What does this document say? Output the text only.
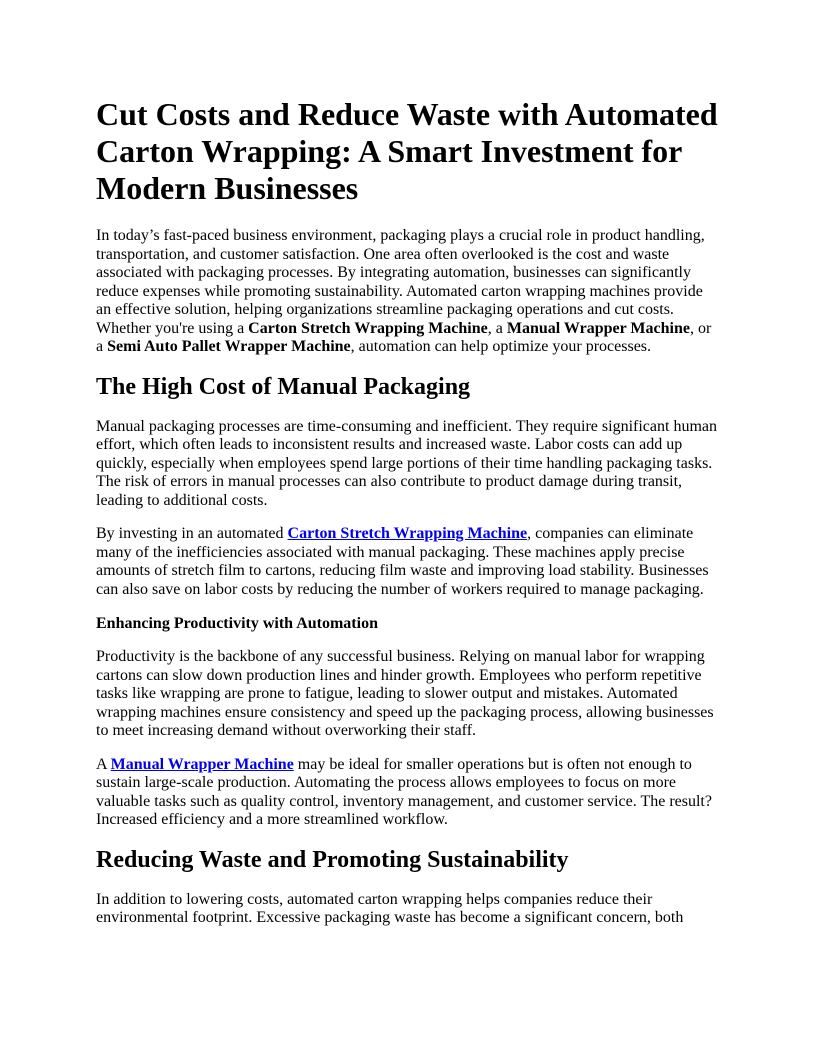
Cut Costs and Reduce Waste with Automated Carton Wrapping: A Smart Investment for Modern Businesses

In today’s fast-paced business environment, packaging plays a crucial role in product handling, transportation, and customer satisfaction. One area often overlooked is the cost and waste associated with packaging processes. By integrating automation, businesses can significantly reduce expenses while promoting sustainability. Automated carton wrapping machines provide an effective solution, helping organizations streamline packaging operations and cut costs. Whether you're using a Carton Stretch Wrapping Machine, a Manual Wrapper Machine, or a Semi Auto Pallet Wrapper Machine, automation can help optimize your processes.

The High Cost of Manual Packaging

Manual packaging processes are time-consuming and inefficient. They require significant human effort, which often leads to inconsistent results and increased waste. Labor costs can add up quickly, especially when employees spend large portions of their time handling packaging tasks. The risk of errors in manual processes can also contribute to product damage during transit, leading to additional costs.

By investing in an automated Carton Stretch Wrapping Machine, companies can eliminate many of the inefficiencies associated with manual packaging. These machines apply precise amounts of stretch film to cartons, reducing film waste and improving load stability. Businesses can also save on labor costs by reducing the number of workers required to manage packaging.

Enhancing Productivity with Automation

Productivity is the backbone of any successful business. Relying on manual labor for wrapping cartons can slow down production lines and hinder growth. Employees who perform repetitive tasks like wrapping are prone to fatigue, leading to slower output and mistakes. Automated wrapping machines ensure consistency and speed up the packaging process, allowing businesses to meet increasing demand without overworking their staff.

A Manual Wrapper Machine may be ideal for smaller operations but is often not enough to sustain large-scale production. Automating the process allows employees to focus on more valuable tasks such as quality control, inventory management, and customer service. The result? Increased efficiency and a more streamlined workflow.

Reducing Waste and Promoting Sustainability

In addition to lowering costs, automated carton wrapping helps companies reduce their environmental footprint. Excessive packaging waste has become a significant concern, both
